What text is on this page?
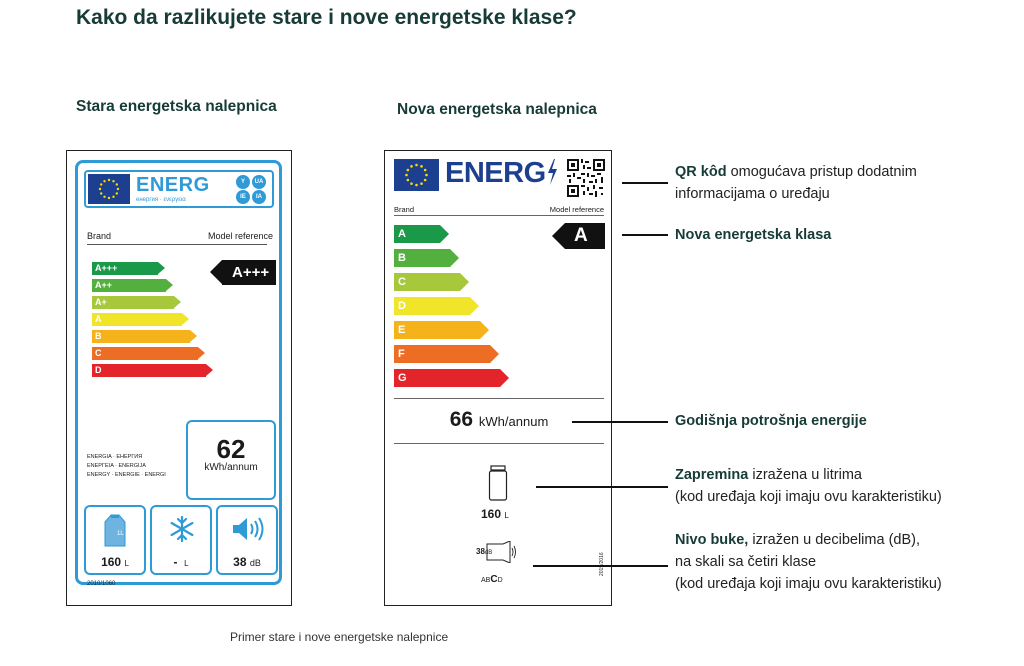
Kako da razlikujete stare i nove energetske klase?
Stara energetska nalepnica	Nova energetska nalepnica
ENERG
енергия · ενεργεια
Y	UA
IE	IA
Brand	Model reference
A+++
A++
A+
A
B
C
D
A+++
ENERGIA · ЕНЕРГИЯ
ΕΝΕΡΓΕΙΑ · ENERGIJA
ENERGY · ENERGIE · ENERGI
62
kWh/annum
1L
160 L	- L	38 dB
2010/1060
ENERG
Brand	Model reference
A
B
C
D
E
F
G
A
66 kWh/annum
160 L
38dB
ABCD
QR kôd omogućava pristup dodatnim
informacijama o uređaju
Nova energetska klasa
Godišnja potrošnja energije
Zapremina izražena u litrima
(kod uređaja koji imaju ovu karakteristiku)
Nivo buke, izražen u decibelima (dB),
na skali sa četiri klase
(kod uređaja koji imaju ovu karakteristiku)
Primer stare i nove energetske nalepnice
